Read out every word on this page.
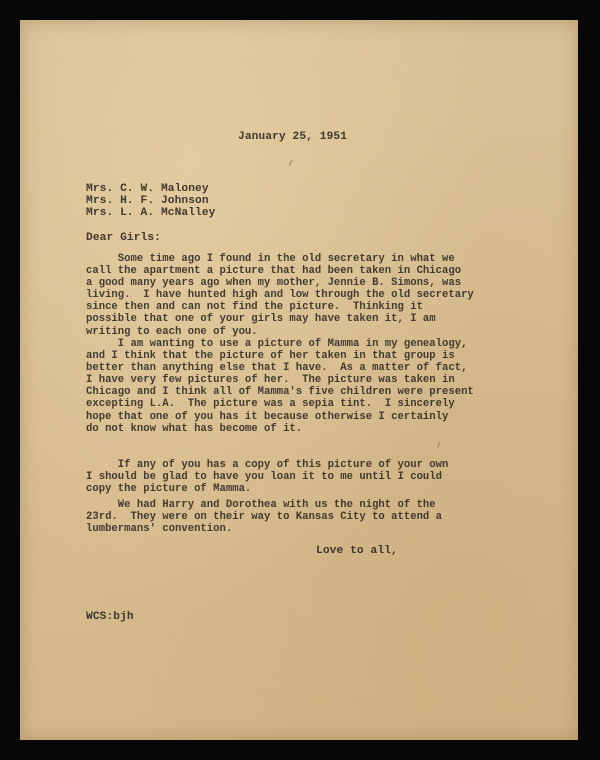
January 25, 1951
Mrs. C. W. Maloney
Mrs. H. F. Johnson
Mrs. L. A. McNalley
Dear Girls:
Some time ago I found in the old secretary in what we
call the apartment a picture that had been taken in Chicago
a good many years ago when my mother, Jennie B. Simons, was
living.  I have hunted high and low through the old secretary
since then and can not find the picture.  Thinking it
possible that one of your girls may have taken it, I am
writing to each one of you.
I am wanting to use a picture of Mamma in my genealogy,
and I think that the picture of her taken in that group is
better than anything else that I have.  As a matter of fact,
I have very few pictures of her.  The picture was taken in
Chicago and I think all of Mamma's five children were present
excepting L.A.  The picture was a sepia tint.  I sincerely
hope that one of you has it because otherwise I certainly
do not know what has become of it.
If any of you has a copy of this picture of your own
I should be glad to have you loan it to me until I could
copy the picture of Mamma.
We had Harry and Dorothea with us the night of the
23rd.  They were on their way to Kansas City to attend a
lumbermans' convention.
Love to all,
WCS:bjh
